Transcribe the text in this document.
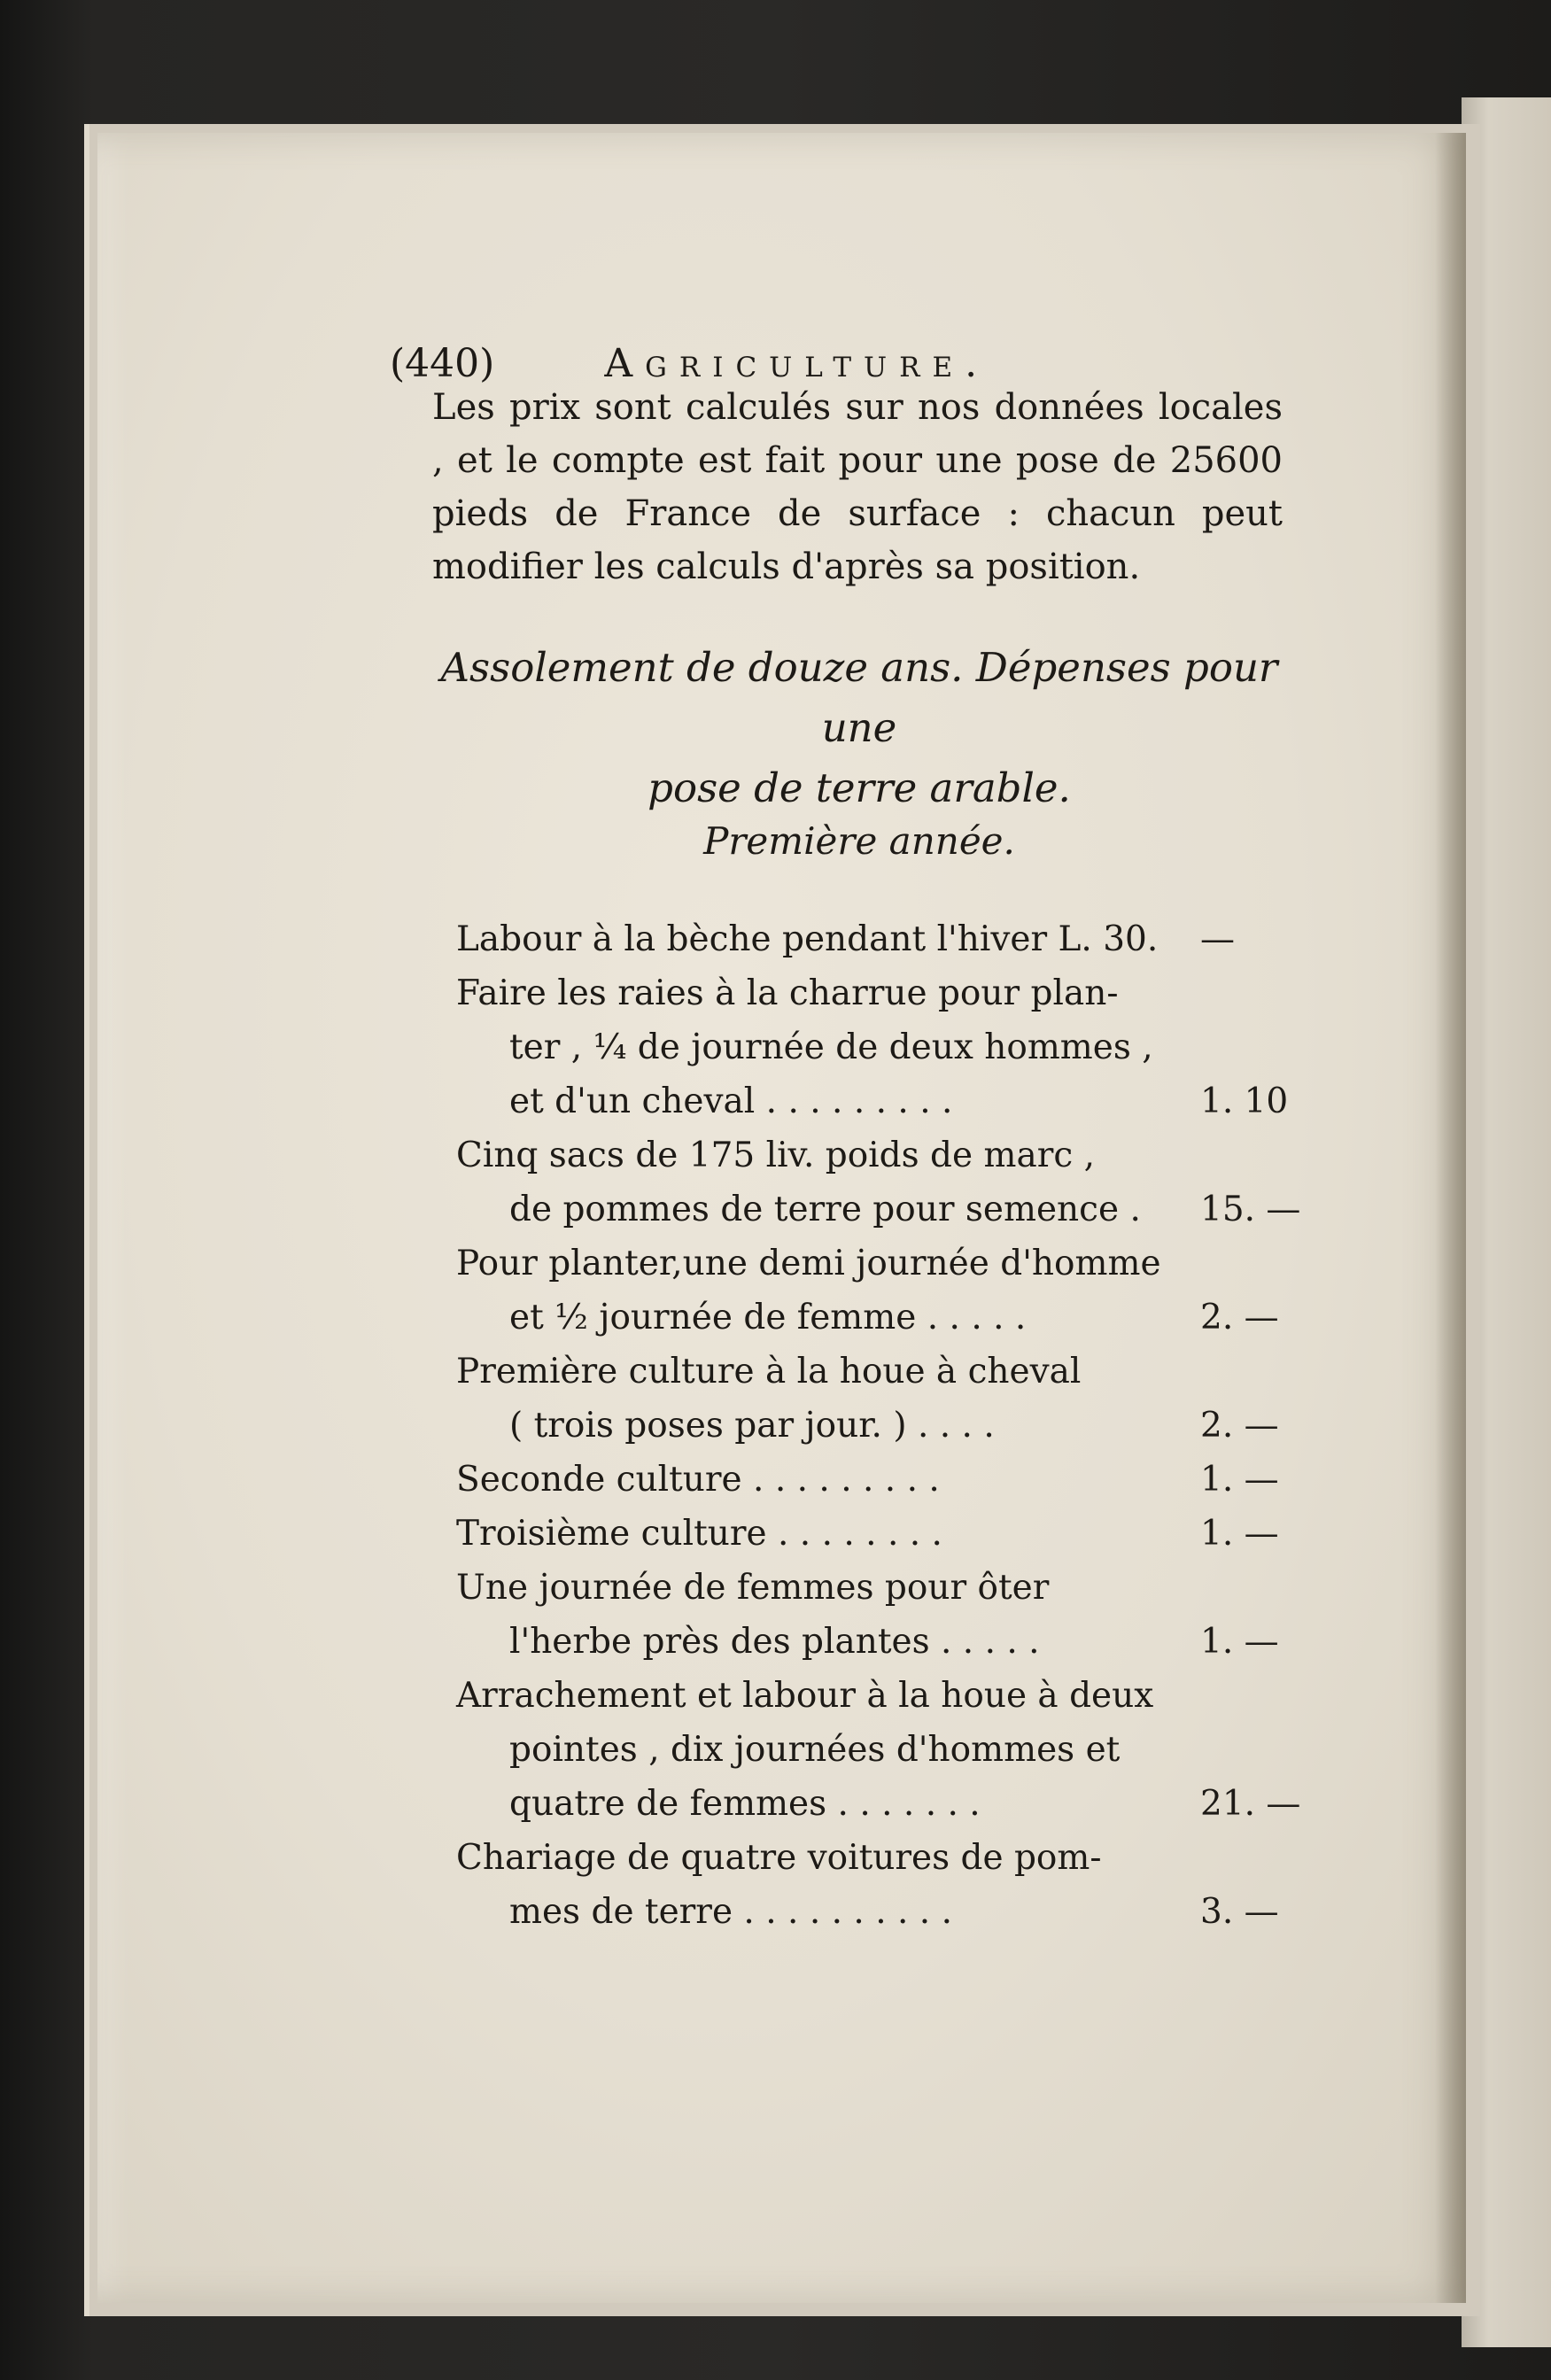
(440)	Agriculture.
Les prix sont calculés sur nos données locales , et le compte est fait pour une pose de 25600 pieds de France de surface : chacun peut modifier les calculs d'après sa position.
Assolement de douze ans. Dépenses pour une
pose de terre arable.
Première année.
Labour à la bèche pendant l'hiver L. 30. —
Faire les raies à la charrue pour plan-
ter , ¼ de journée de deux hommes ,
et d'un cheval . . . . . . . . .	1. 10
Cinq sacs de 175 liv. poids de marc ,
de pommes de terre pour semence . 15. —
Pour planter,une demi journée d'homme
et ½ journée de femme . . . . .	2. —
Première culture à la houe à cheval
( trois poses par jour. ) . . . .	2. —
Seconde culture . . . . . . . . .	1. —
Troisième culture . . . . . . . .	1. —
Une journée de femmes pour ôter
l'herbe près des plantes . . . . .	1. —
Arrachement et labour à la houe à deux
pointes , dix journées d'hommes et
quatre de femmes . . . . . . .	21. —
Chariage de quatre voitures de pom-
mes de terre . . . . . . . . . .	3. —
